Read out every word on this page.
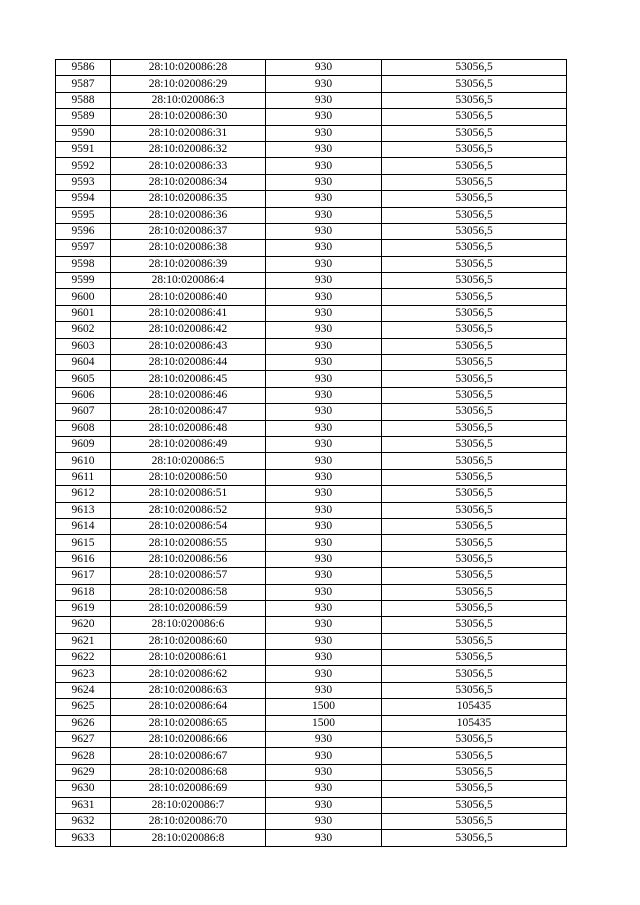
9586	28:10:020086:28	930	53056,5
9587	28:10:020086:29	930	53056,5
9588	28:10:020086:3	930	53056,5
9589	28:10:020086:30	930	53056,5
9590	28:10:020086:31	930	53056,5
9591	28:10:020086:32	930	53056,5
9592	28:10:020086:33	930	53056,5
9593	28:10:020086:34	930	53056,5
9594	28:10:020086:35	930	53056,5
9595	28:10:020086:36	930	53056,5
9596	28:10:020086:37	930	53056,5
9597	28:10:020086:38	930	53056,5
9598	28:10:020086:39	930	53056,5
9599	28:10:020086:4	930	53056,5
9600	28:10:020086:40	930	53056,5
9601	28:10:020086:41	930	53056,5
9602	28:10:020086:42	930	53056,5
9603	28:10:020086:43	930	53056,5
9604	28:10:020086:44	930	53056,5
9605	28:10:020086:45	930	53056,5
9606	28:10:020086:46	930	53056,5
9607	28:10:020086:47	930	53056,5
9608	28:10:020086:48	930	53056,5
9609	28:10:020086:49	930	53056,5
9610	28:10:020086:5	930	53056,5
9611	28:10:020086:50	930	53056,5
9612	28:10:020086:51	930	53056,5
9613	28:10:020086:52	930	53056,5
9614	28:10:020086:54	930	53056,5
9615	28:10:020086:55	930	53056,5
9616	28:10:020086:56	930	53056,5
9617	28:10:020086:57	930	53056,5
9618	28:10:020086:58	930	53056,5
9619	28:10:020086:59	930	53056,5
9620	28:10:020086:6	930	53056,5
9621	28:10:020086:60	930	53056,5
9622	28:10:020086:61	930	53056,5
9623	28:10:020086:62	930	53056,5
9624	28:10:020086:63	930	53056,5
9625	28:10:020086:64	1500	105435
9626	28:10:020086:65	1500	105435
9627	28:10:020086:66	930	53056,5
9628	28:10:020086:67	930	53056,5
9629	28:10:020086:68	930	53056,5
9630	28:10:020086:69	930	53056,5
9631	28:10:020086:7	930	53056,5
9632	28:10:020086:70	930	53056,5
9633	28:10:020086:8	930	53056,5
